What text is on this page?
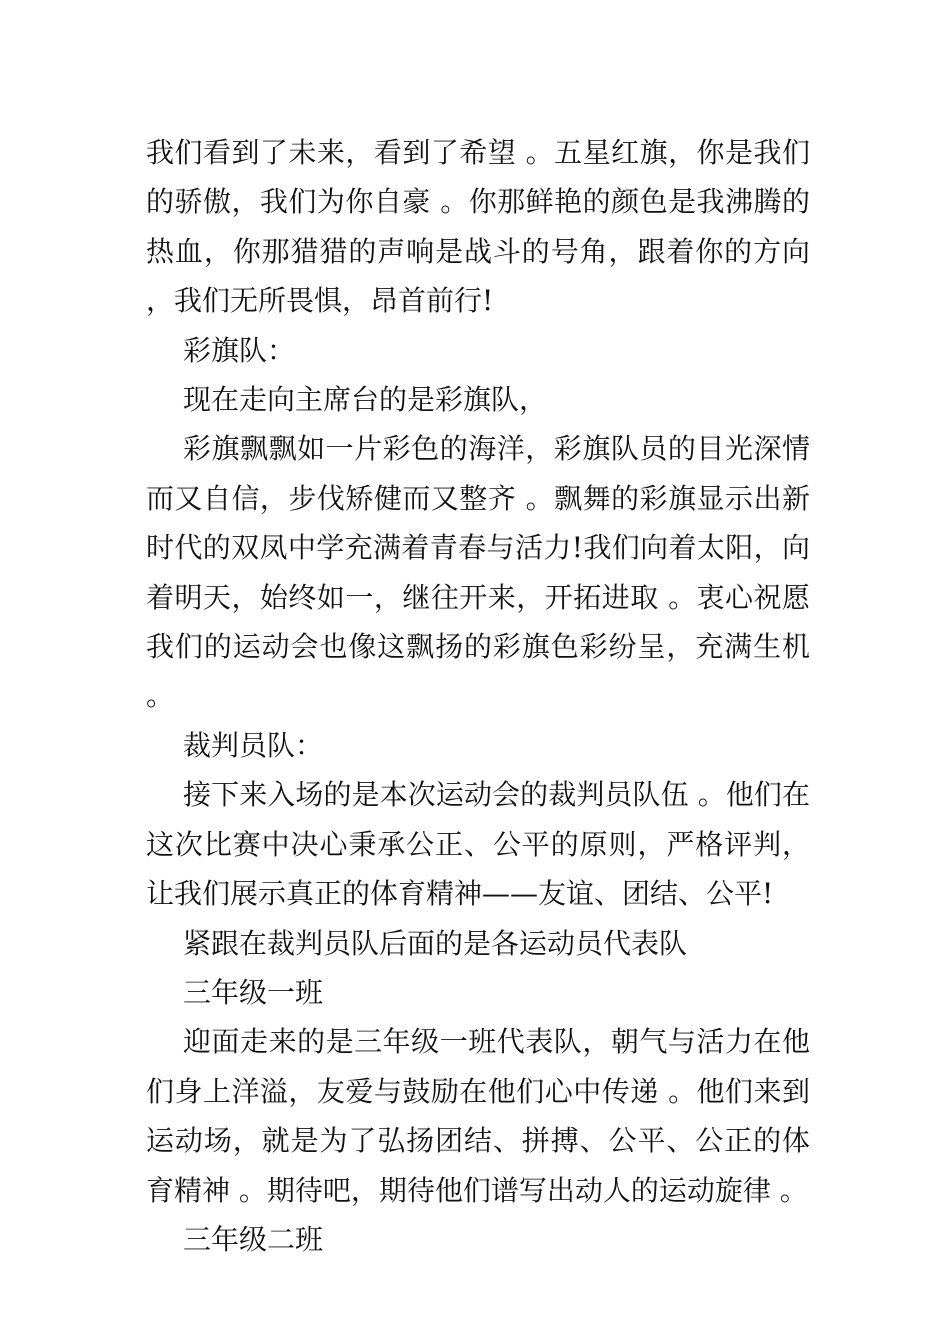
我们看到了未来，看到了希望 。五星红旗，你是我们的骄傲，我们为你自豪 。你那鲜艳的颜色是我沸腾的热血，你那猎猎的声响是战斗的号角，跟着你的方向，我们无所畏惧，昂首前行!

彩旗队：

现在走向主席台的是彩旗队，

彩旗飘飘如一片彩色的海洋，彩旗队员的目光深情而又自信，步伐矫健而又整齐 。飘舞的彩旗显示出新时代的双凤中学充满着青春与活力!我们向着太阳，向着明天，始终如一，继往开来，开拓进取 。衷心祝愿我们的运动会也像这飘扬的彩旗色彩纷呈，充满生机 。

裁判员队：

接下来入场的是本次运动会的裁判员队伍 。他们在这次比赛中决心秉承公正、公平的原则，严格评判，让我们展示真正的体育精神——友谊、团结、公平!

紧跟在裁判员队后面的是各运动员代表队

三年级一班

迎面走来的是三年级一班代表队，朝气与活力在他们身上洋溢，友爱与鼓励在他们心中传递 。他们来到运动场，就是为了弘扬团结、拼搏、公平、公正的体育精神 。期待吧，期待他们谱写出动人的运动旋律 。

三年级二班
